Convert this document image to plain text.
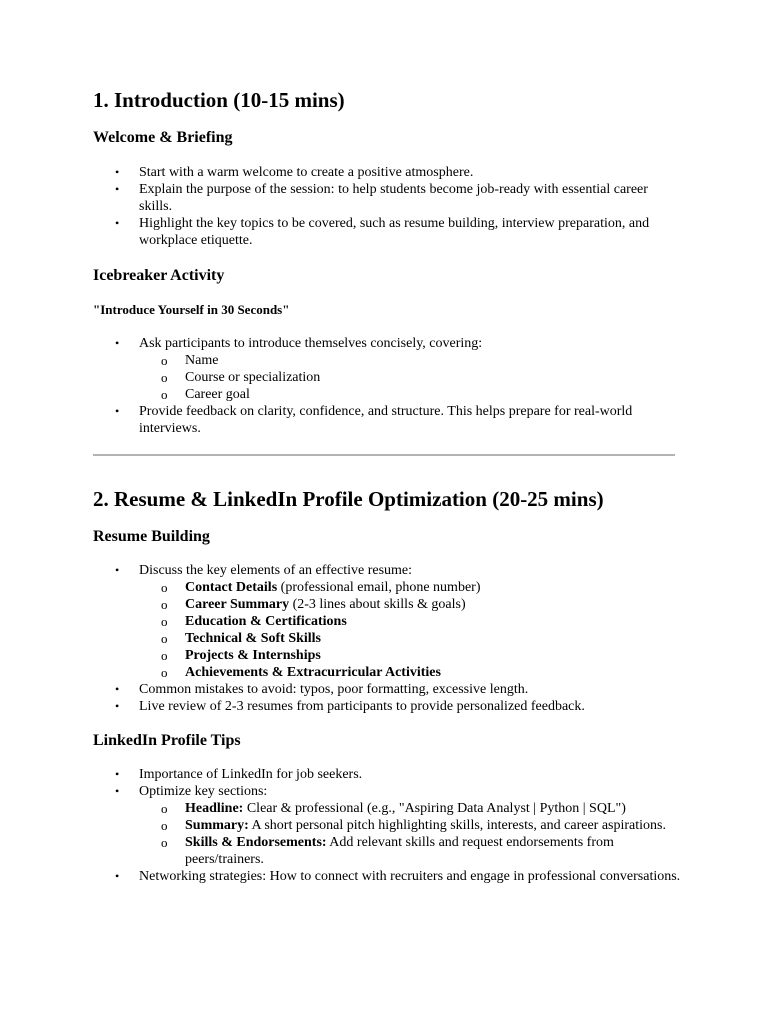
1. Introduction (10-15 mins)
Welcome & Briefing
• Start with a warm welcome to create a positive atmosphere.
• Explain the purpose of the session: to help students become job-ready with essential career skills.
• Highlight the key topics to be covered, such as resume building, interview preparation, and workplace etiquette.
Icebreaker Activity
"Introduce Yourself in 30 Seconds"
• Ask participants to introduce themselves concisely, covering:
o Name
o Course or specialization
o Career goal
• Provide feedback on clarity, confidence, and structure. This helps prepare for real-world interviews.
2. Resume & LinkedIn Profile Optimization (20-25 mins)
Resume Building
• Discuss the key elements of an effective resume:
o Contact Details (professional email, phone number)
o Career Summary (2-3 lines about skills & goals)
o Education & Certifications
o Technical & Soft Skills
o Projects & Internships
o Achievements & Extracurricular Activities
• Common mistakes to avoid: typos, poor formatting, excessive length.
• Live review of 2-3 resumes from participants to provide personalized feedback.
LinkedIn Profile Tips
• Importance of LinkedIn for job seekers.
• Optimize key sections:
o Headline: Clear & professional (e.g., "Aspiring Data Analyst | Python | SQL")
o Summary: A short personal pitch highlighting skills, interests, and career aspirations.
o Skills & Endorsements: Add relevant skills and request endorsements from peers/trainers.
• Networking strategies: How to connect with recruiters and engage in professional conversations.
